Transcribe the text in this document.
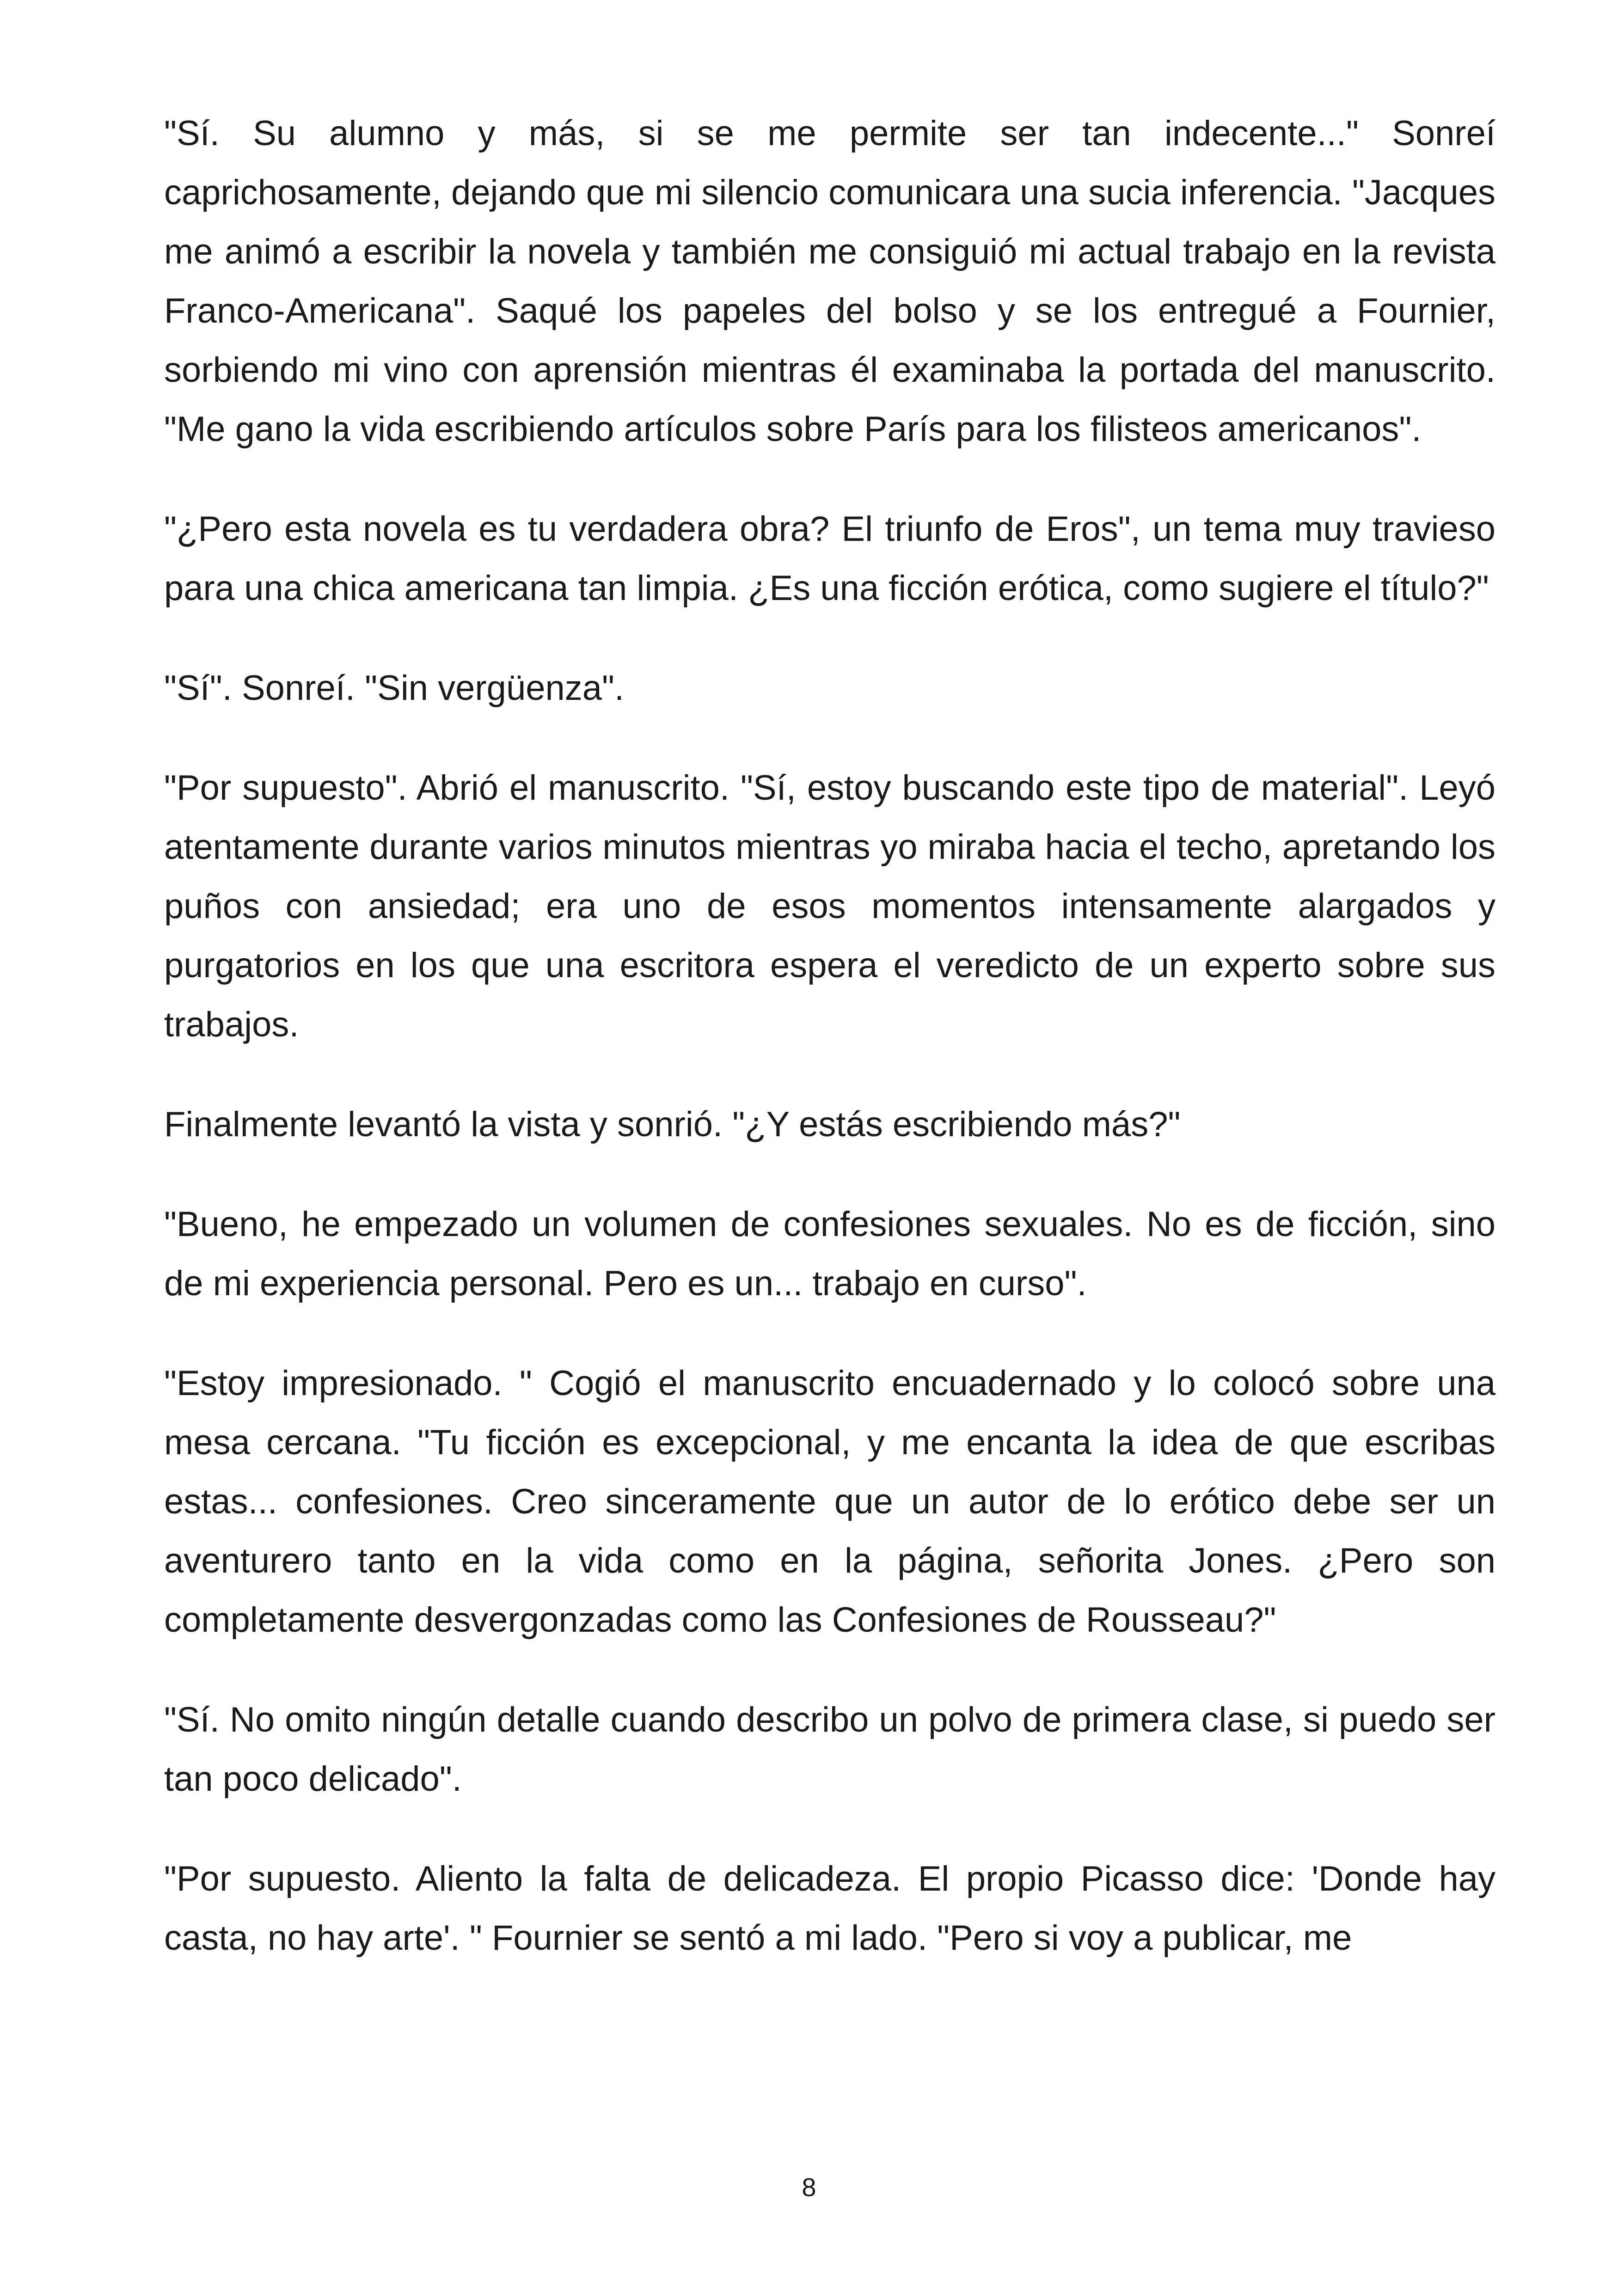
"Sí. Su alumno y más, si se me permite ser tan indecente..." Sonreí caprichosamente, dejando que mi silencio comunicara una sucia inferencia. "Jacques me animó a escribir la novela y también me consiguió mi actual trabajo en la revista Franco-Americana". Saqué los papeles del bolso y se los entregué a Fournier, sorbiendo mi vino con aprensión mientras él examinaba la portada del manuscrito. "Me gano la vida escribiendo artículos sobre París para los filisteos americanos".

"¿Pero esta novela es tu verdadera obra? El triunfo de Eros", un tema muy travieso para una chica americana tan limpia. ¿Es una ficción erótica, como sugiere el título?"

"Sí". Sonreí. "Sin vergüenza".

"Por supuesto". Abrió el manuscrito. "Sí, estoy buscando este tipo de material". Leyó atentamente durante varios minutos mientras yo miraba hacia el techo, apretando los puños con ansiedad; era uno de esos momentos intensamente alargados y purgatorios en los que una escritora espera el veredicto de un experto sobre sus trabajos.

Finalmente levantó la vista y sonrió. "¿Y estás escribiendo más?"

"Bueno, he empezado un volumen de confesiones sexuales. No es de ficción, sino de mi experiencia personal. Pero es un... trabajo en curso".

"Estoy impresionado. " Cogió el manuscrito encuadernado y lo colocó sobre una mesa cercana. "Tu ficción es excepcional, y me encanta la idea de que escribas estas... confesiones. Creo sinceramente que un autor de lo erótico debe ser un aventurero tanto en la vida como en la página, señorita Jones. ¿Pero son completamente desvergonzadas como las Confesiones de Rousseau?"

"Sí. No omito ningún detalle cuando describo un polvo de primera clase, si puedo ser tan poco delicado".

"Por supuesto. Aliento la falta de delicadeza. El propio Picasso dice: 'Donde hay casta, no hay arte'. " Fournier se sentó a mi lado. "Pero si voy a publicar, me

8
